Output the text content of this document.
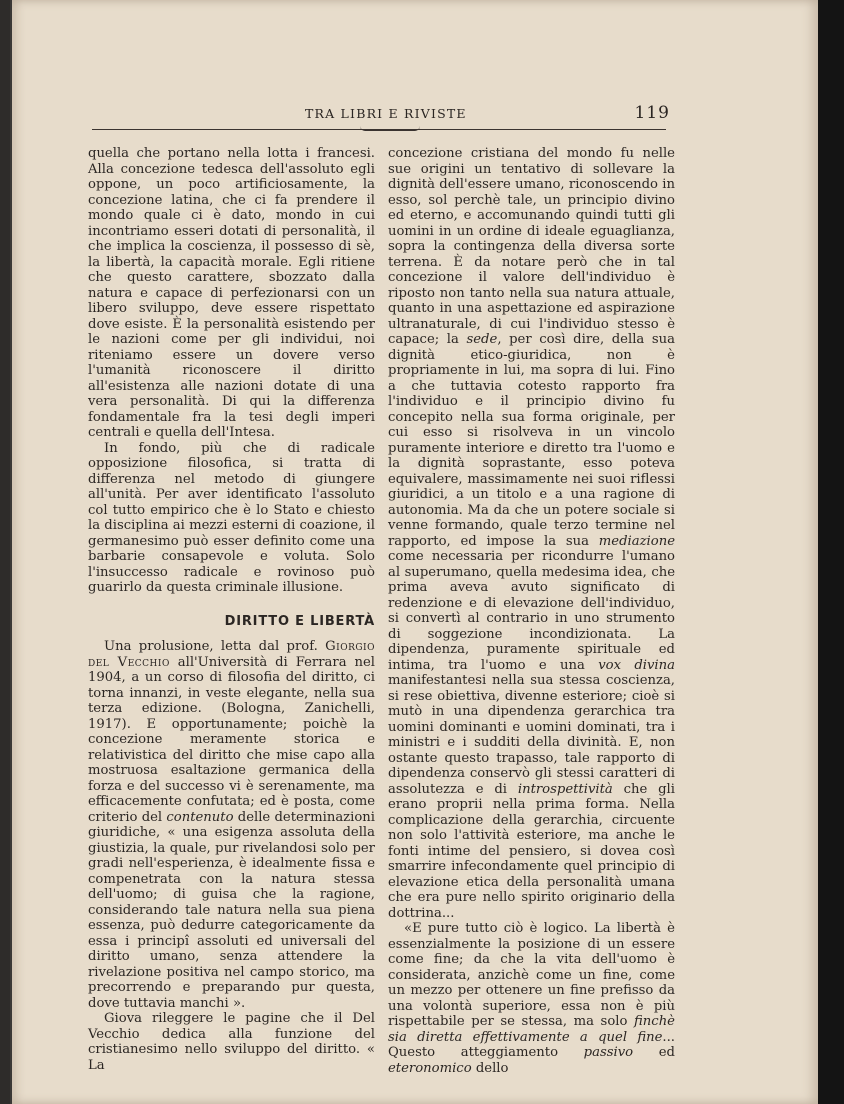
TRA LIBRI E RIVISTE	119

quella che portano nella lotta i francesi. Alla concezione tedesca dell'assoluto egli oppone, un poco artificiosamente, la concezione latina, che ci fa prendere il mondo quale ci è dato, mondo in cui incontriamo esseri dotati di personalità, il che implica la coscienza, il possesso di sè, la libertà, la capacità morale. Egli ritiene che questo carattere, sbozzato dalla natura e capace di perfezionarsi con un libero sviluppo, deve essere rispettato dove esiste. È la personalità esistendo per le nazioni come per gli individui, noi riteniamo essere un dovere verso l'umanità riconoscere il diritto all'esistenza alle nazioni dotate di una vera personalità. Di qui la differenza fondamentale fra la tesi degli imperi centrali e quella dell'Intesa.

In fondo, più che di radicale opposizione filosofica, si tratta di differenza nel metodo di giungere all'unità. Per aver identificato l'assoluto col tutto empirico che è lo Stato e chiesto la disciplina ai mezzi esterni di coazione, il germanesimo può esser definito come una barbarie consapevole e voluta. Solo l'insuccesso radicale e rovinoso può guarirlo da questa criminale illusione.

DIRITTO E LIBERTÀ

Una prolusione, letta dal prof. Giorgio del Vecchio all'Università di Ferrara nel 1904, a un corso di filosofia del diritto, ci torna innanzi, in veste elegante, nella sua terza edizione. (Bologna, Zanichelli, 1917). E opportunamente; poichè la concezione meramente storica e relativistica del diritto che mise capo alla mostruosa esaltazione germanica della forza e del successo vi è serenamente, ma efficacemente confutata; ed è posta, come criterio del contenuto delle determinazioni giuridiche, « una esigenza assoluta della giustizia, la quale, pur rivelandosi solo per gradi nell'esperienza, è idealmente fissa e compenetrata con la natura stessa dell'uomo; di guisa che la ragione, considerando tale natura nella sua piena essenza, può dedurre categoricamente da essa i principî assoluti ed universali del diritto umano, senza attendere la rivelazione positiva nel campo storico, ma precorrendo e preparando pur questa, dove tuttavia manchi ».

Giova rileggere le pagine che il Del Vecchio dedica alla funzione del cristianesimo nello sviluppo del diritto. « La

concezione cristiana del mondo fu nelle sue origini un tentativo di sollevare la dignità dell'essere umano, riconoscendo in esso, sol perchè tale, un principio divino ed eterno, e accomunando quindi tutti gli uomini in un ordine di ideale eguaglianza, sopra la contingenza della diversa sorte terrena. È da notare però che in tal concezione il valore dell'individuo è riposto non tanto nella sua natura attuale, quanto in una aspettazione ed aspirazione ultranaturale, di cui l'individuo stesso è capace; la sede, per così dire, della sua dignità etico-giuridica, non è propriamente in lui, ma sopra di lui. Fino a che tuttavia cotesto rapporto fra l'individuo e il principio divino fu concepito nella sua forma originale, per cui esso si risolveva in un vincolo puramente interiore e diretto tra l'uomo e la dignità soprastante, esso poteva equivalere, massimamente nei suoi riflessi giuridici, a un titolo e a una ragione di autonomia. Ma da che un potere sociale si venne formando, quale terzo termine nel rapporto, ed impose la sua mediazione come necessaria per ricondurre l'umano al superumano, quella medesima idea, che prima aveva avuto significato di redenzione e di elevazione dell'individuo, si convertì al contrario in uno strumento di soggezione incondizionata. La dipendenza, puramente spirituale ed intima, tra l'uomo e una vox divina manifestantesi nella sua stessa coscienza, si rese obiettiva, divenne esteriore; cioè si mutò in una dipendenza gerarchica tra uomini dominanti e uomini dominati, tra i ministri e i sudditi della divinità. E, non ostante questo trapasso, tale rapporto di dipendenza conservò gli stessi caratteri di assolutezza e di introspettività che gli erano proprii nella prima forma. Nella complicazione della gerarchia, circuente non solo l'attività esteriore, ma anche le fonti intime del pensiero, si dovea così smarrire infecondamente quel principio di elevazione etica della personalità umana che era pure nello spirito originario della dottrina...

«E pure tutto ciò è logico. La libertà è essenzialmente la posizione di un essere come fine; da che la vita dell'uomo è considerata, anzichè come un fine, come un mezzo per ottenere un fine prefisso da una volontà superiore, essa non è più rispettabile per se stessa, ma solo finchè sia diretta effettivamente a quel fine... Questo atteggiamento passivo ed eteronomico dello
